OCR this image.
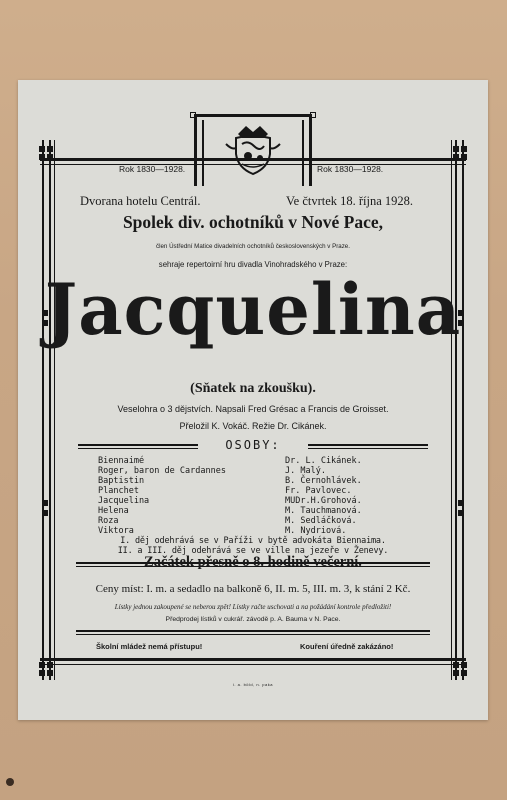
Rok 1830—1928.	Rok 1830—1928.
Dvorana hotelu Centrál.	Ve čtvrtek 18. října 1928.
Spolek div. ochotníků v Nové Pace,
člen Ústřední Matice divadelních ochotníků československých v Praze.
sehraje repertoirní hru divadla Vinohradského v Praze:
Jacquelina
(Sňatek na zkoušku).
Veselohra o 3 dějstvích. Napsali Fred Grésac a Francis de Groisset.
Přeložil K. Vokáč. Režie Dr. Cikánek.
OSOBY:
Biennaimé	Dr. L. Cikánek.
Roger, baron de Cardannes	J. Malý.
Baptistin	B. Černohlávek.
Planchet	Fr. Pavlovec.
Jacquelina	MUDr.H.Grohová.
Helena	M. Tauchmanová.
Roza	M. Sedláčková.
Viktora	M. Nydriová.
I. děj odehrává se v Paříži v bytě advokáta Biennaima.
II. a III. děj odehrává se ve ville na jezeře v Ženevy.
Začátek přesně o 8. hodině večerní.
Ceny míst: I. m. a sedadlo na balkoně 6, II. m. 5, III. m. 3, k stání 2 Kč.
Lístky jednou zakoupené se neberou zpět! Lístky račte uschovati a na požádání kontrole předložiti!
Předprodej lístků v cukrář. závodě p. A. Bauma v N. Pace.
Školní mládež nemá přístupu!	Kouření úředně zakázáno!
i. a. böld, n. paka
